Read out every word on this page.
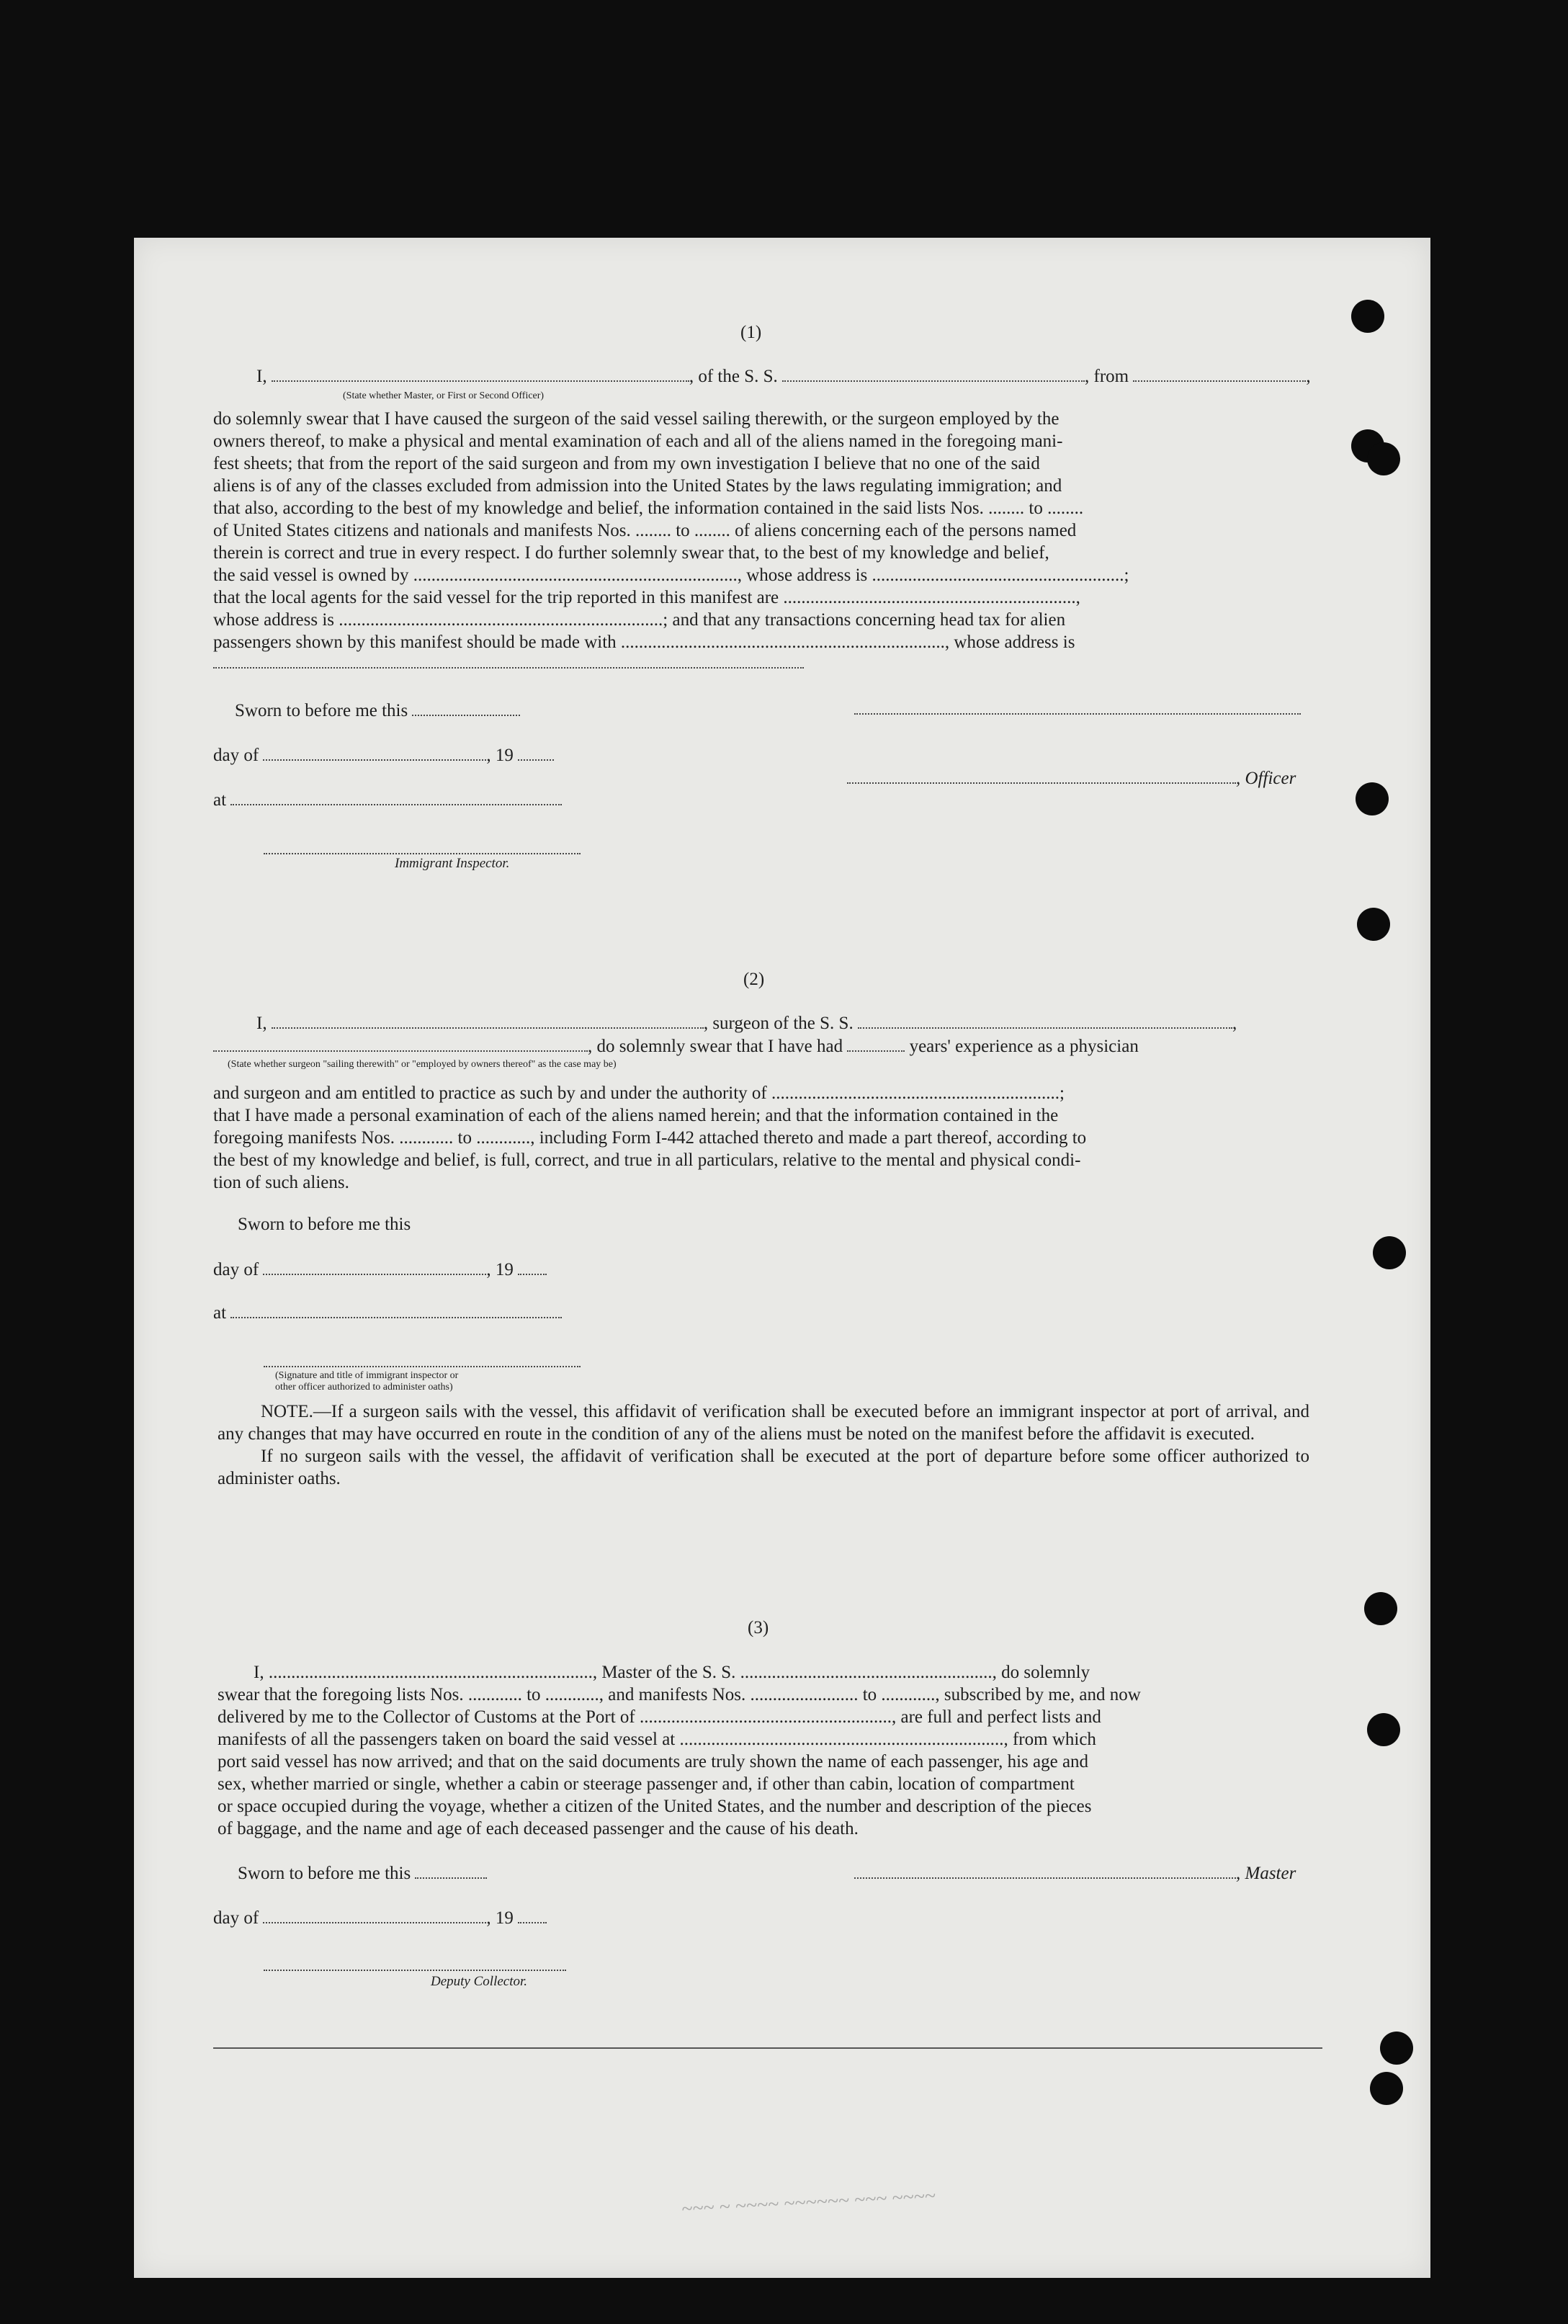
(1)
I,	, of the S. S.	, from	,
(State whether Master, or First or Second Officer)

do solemnly swear that I have caused the surgeon of the said vessel sailing therewith, or the surgeon employed by the

owners thereof, to make a physical and mental examination of each and all of the aliens named in the foregoing mani-

fest sheets; that from the report of the said surgeon and from my own investigation I believe that no one of the said

aliens is of any of the classes excluded from admission into the United States by the laws regulating immigration; and

that also, according to the best of my knowledge and belief, the information contained in the said lists Nos. ........ to ........

of United States citizens and nationals and manifests Nos. ........ to ........ of aliens concerning each of the persons named

therein is correct and true in every respect. I do further solemnly swear that, to the best of my knowledge and belief,

the said vessel is owned by ........................................................................, whose address is ........................................................;

that the local agents for the said vessel for the trip reported in this manifest are .................................................................,

whose address is ........................................................................; and that any transactions concerning head tax for alien

passengers shown by this manifest should be made with ........................................................................, whose address is

Sworn to before me this
day of	, 19
, Officer
at
Immigrant Inspector.
(2)
I,	, surgeon of the S. S.	,
, do solemnly swear that I have had	years' experience as a physician
(State whether surgeon "sailing therewith" or "employed by owners thereof" as the case may be)

and surgeon and am entitled to practice as such by and under the authority of ................................................................;

that I have made a personal examination of each of the aliens named herein; and that the information contained in the

foregoing manifests Nos. ............ to ............, including Form I-442 attached thereto and made a part thereof, according to

the best of my knowledge and belief, is full, correct, and true in all particulars, relative to the mental and physical condi-

tion of such aliens.

Sworn to before me this
day of	, 19
at
(Signature and title of immigrant inspector or
other officer authorized to administer oaths)

NOTE.—If a surgeon sails with the vessel, this affidavit of verification shall be executed before an immigrant inspector at port of arrival, and any changes that may have occurred en route in the condition of any of the aliens must be noted on the manifest before the affidavit is executed.

If no surgeon sails with the vessel, the affidavit of verification shall be executed at the port of departure before some officer authorized to administer oaths.

(3)

I, ........................................................................, Master of the S. S. ........................................................, do solemnly

swear that the foregoing lists Nos. ............ to ............, and manifests Nos. ........................ to ............, subscribed by me, and now

delivered by me to the Collector of Customs at the Port of ........................................................, are full and perfect lists and

manifests of all the passengers taken on board the said vessel at ........................................................................, from which

port said vessel has now arrived; and that on the said documents are truly shown the name of each passenger, his age and

sex, whether married or single, whether a cabin or steerage passenger and, if other than cabin, location of compartment

or space occupied during the voyage, whether a citizen of the United States, and the number and description of the pieces

of baggage, and the name and age of each deceased passenger and the cause of his death.

Sworn to before me this	, Master
day of	, 19
Deputy Collector.
~~~ ~ ~~~~ ~~~~~~ ~~~ ~~~~
